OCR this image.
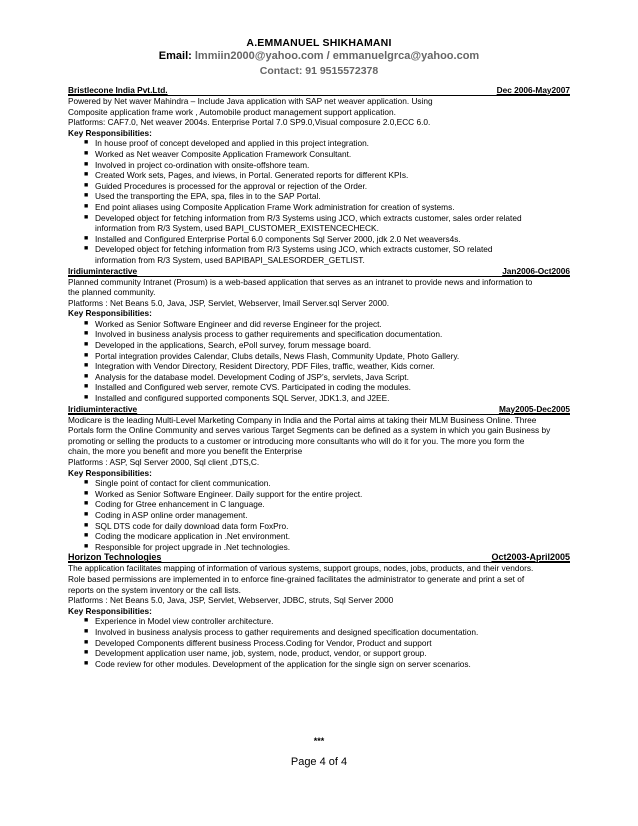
A.EMMANUEL SHIKHAMANI
Email: lmmiin2000@yahoo.com / emmanuelgrca@yahoo.com
Contact: 91 9515572378
Bristlecone India Pvt.Ltd.	Dec 2006-May2007
Powered by Net waver Mahindra – Include Java application with SAP net weaver application. Using
Composite application frame work , Automobile product management support application.
Platforms: CAF7.0, Net weaver 2004s. Enterprise Portal 7.0 SP9.0,Visual composure 2.0,ECC 6.0.
Key Responsibilities:
■ In house proof of concept developed and applied in this project integration.
■ Worked as Net weaver Composite Application Framework Consultant.
■ Involved in project co-ordination with onsite-offshore team.
■ Created Work sets, Pages, and iviews, in Portal. Generated reports for different KPIs.
■ Guided Procedures is processed for the approval or rejection of the Order.
■ Used the transporting the EPA, spa, files in to the SAP Portal.
■ End point aliases using Composite Application Frame Work administration for creation of systems.
■ Developed object for fetching information from R/3 Systems using JCO, which extracts customer, sales order related
information from R/3 System, used BAPI_CUSTOMER_EXISTENCECHECK.
■ Installed and Configured Enterprise Portal 6.0 components Sql Server 2000, jdk 2.0 Net weavers4s.
■ Developed object for fetching information from R/3 Systems using JCO, which extracts customer, SO related
information from R/3 System, used BAPIBAPI_SALESORDER_GETLIST.
Iridiuminteractive	Jan2006-Oct2006
Planned community Intranet (Prosum) is a web-based application that serves as an intranet to provide news and information to
the planned community.
Platforms : Net Beans 5.0, Java, JSP, Servlet, Webserver, Imail Server.sql Server 2000.
Key Responsibilities:
■ Worked as Senior Software Engineer and did reverse Engineer for the project.
■ Involved in business analysis process to gather requirements and specification documentation.
■ Developed in the applications, Search, ePoll survey, forum message board.
■ Portal integration provides Calendar, Clubs details, News Flash, Community Update, Photo Gallery.
■ Integration with Vendor Directory, Resident Directory, PDF Files, traffic, weather, Kids corner.
■ Analysis for the database model. Development Coding of JSP’s, servlets, Java Script.
■ Installed and Configured web server, remote CVS. Participated in coding the modules.
■ Installed and configured supported components SQL Server, JDK1.3, and J2EE.
Iridiuminteractive	May2005-Dec2005
Modicare is the leading Multi-Level Marketing Company in India and the Portal aims at taking their MLM Business Online. Three
Portals form the Online Community and serves various Target Segments can be defined as a system in which you gain Business by
promoting or selling the products to a customer or introducing more consultants who will do it for you. The more you form the
chain, the more you benefit and more you benefit the Enterprise
Platforms : ASP, Sql Server 2000, Sql client ,DTS,C.
Key Responsibilities:
■ Single point of contact for client communication.
■ Worked as Senior Software Engineer. Daily support for the entire project.
■ Coding for Gtree enhancement in C language.
■ Coding in ASP online order management.
■ SQL DTS code for daily download data form FoxPro.
■ Coding the modicare application in .Net environment.
■ Responsible for project upgrade in .Net technologies.
Horizon Technologies	Oct2003-April2005
The application facilitates mapping of information of various systems, support groups, nodes, jobs, products, and their vendors.
Role based permissions are implemented in to enforce fine-grained facilitates the administrator to generate and print a set of
reports on the system inventory or the call lists.
Platforms : Net Beans 5.0, Java, JSP, Servlet, Webserver, JDBC, struts, Sql Server 2000
Key Responsibilities:
■ Experience in Model view controller architecture.
■ Involved in business analysis process to gather requirements and designed specification documentation.
■ Developed Components different business Process.Coding for Vendor, Product and support
■ Development application user name, job, system, node, product, vendor, or support group.
■ Code review for other modules. Development of the application for the single sign on server scenarios.
***
Page 4 of 4
